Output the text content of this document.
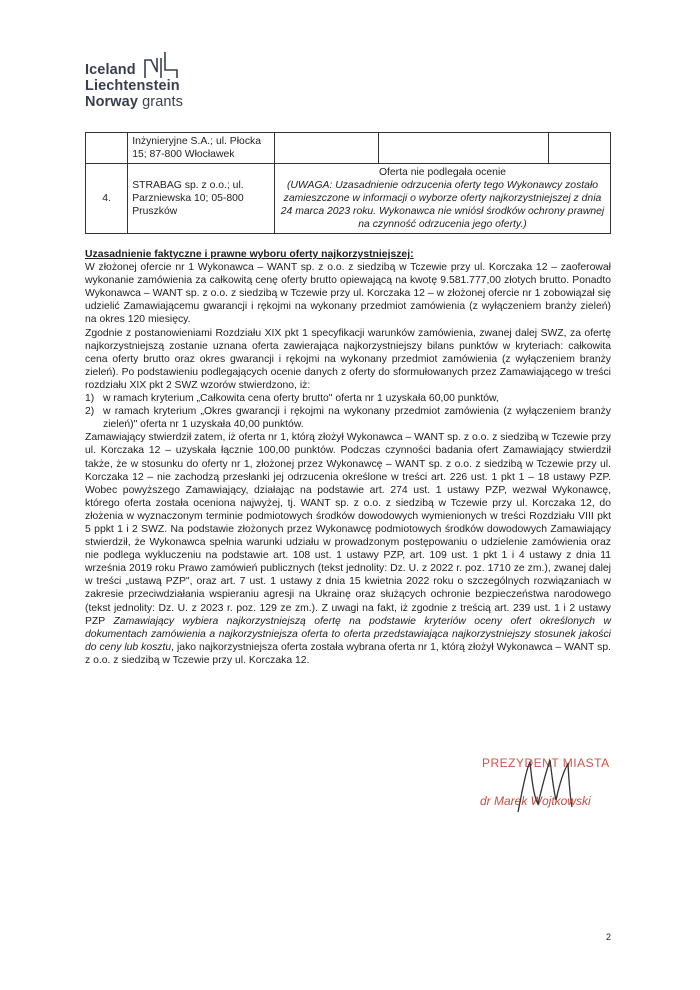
Iceland
Liechtenstein
Norway grants
	Inżynieryjne S.A.; ul. Płocka 15; 87-800 Włocławek			
4.	STRABAG sp. z o.o.; ul. Parzniewska 10; 05-800 Pruszków	Oferta nie podlegała ocenie
(UWAGA: Uzasadnienie odrzucenia oferty tego Wykonawcy zostało zamieszczone w informacji o wyborze oferty najkorzystniejszej z dnia 24 marca 2023 roku. Wykonawca nie wniósł środków ochrony prawnej na czynność odrzucenia jego oferty.)		

Uzasadnienie faktyczne i prawne wyboru oferty najkorzystniejszej:

W złożonej ofercie nr 1 Wykonawca – WANT sp. z o.o. z siedzibą w Tczewie przy ul. Korczaka 12 – zaoferował wykonanie zamówienia za całkowitą cenę oferty brutto opiewającą na kwotę 9.581.777,00 złotych brutto. Ponadto Wykonawca – WANT sp. z o.o. z siedzibą w Tczewie przy ul. Korczaka 12 – w złożonej ofercie nr 1 zobowiązał się udzielić Zamawiającemu gwarancji i rękojmi na wykonany przedmiot zamówienia (z wyłączeniem branży zieleń) na okres 120 miesięcy.

Zgodnie z postanowieniami Rozdziału XIX pkt 1 specyfikacji warunków zamówienia, zwanej dalej SWZ, za ofertę najkorzystniejszą zostanie uznana oferta zawierająca najkorzystniejszy bilans punktów w kryteriach: całkowita cena oferty brutto oraz okres gwarancji i rękojmi na wykonany przedmiot zamówienia (z wyłączeniem branży zieleń). Po podstawieniu podlegających ocenie danych z oferty do sformułowanych przez Zamawiającego w treści rozdziału XIX pkt 2 SWZ wzorów stwierdzono, iż:

1) w ramach kryterium „Całkowita cena oferty brutto" oferta nr 1 uzyskała 60,00 punktów,
2) w ramach kryterium „Okres gwarancji i rękojmi na wykonany przedmiot zamówienia (z wyłączeniem branży zieleń)" oferta nr 1 uzyskała 40,00 punktów.

Zamawiający stwierdził zatem, iż oferta nr 1, którą złożył Wykonawca – WANT sp. z o.o. z siedzibą w Tczewie przy ul. Korczaka 12 – uzyskała łącznie 100,00 punktów. Podczas czynności badania ofert Zamawiający stwierdził także, że w stosunku do oferty nr 1, złożonej przez Wykonawcę – WANT sp. z o.o. z siedzibą w Tczewie przy ul. Korczaka 12 – nie zachodzą przesłanki jej odrzucenia określone w treści art. 226 ust. 1 pkt 1 – 18 ustawy PZP. Wobec powyższego Zamawiający, działając na podstawie art. 274 ust. 1 ustawy PZP, wezwał Wykonawcę, którego oferta została oceniona najwyżej, tj. WANT sp. z o.o. z siedzibą w Tczewie przy ul. Korczaka 12, do złożenia w wyznaczonym terminie podmiotowych środków dowodowych wymienionych w treści Rozdziału VIII pkt 5 ppkt 1 i 2 SWZ. Na podstawie złożonych przez Wykonawcę podmiotowych środków dowodowych Zamawiający stwierdził, że Wykonawca spełnia warunki udziału w prowadzonym postępowaniu o udzielenie zamówienia oraz nie podlega wykluczeniu na podstawie art. 108 ust. 1 ustawy PZP, art. 109 ust. 1 pkt 1 i 4 ustawy z dnia 11 września 2019 roku Prawo zamówień publicznych (tekst jednolity: Dz. U. z 2022 r. poz. 1710 ze zm.), zwanej dalej w treści „ustawą PZP", oraz art. 7 ust. 1 ustawy z dnia 15 kwietnia 2022 roku o szczególnych rozwiązaniach w zakresie przeciwdziałania wspieraniu agresji na Ukrainę oraz służących ochronie bezpieczeństwa narodowego (tekst jednolity: Dz. U. z 2023 r. poz. 129 ze zm.). Z uwagi na fakt, iż zgodnie z treścią art. 239 ust. 1 i 2 ustawy PZP Zamawiający wybiera najkorzystniejszą ofertę na podstawie kryteriów oceny ofert określonych w dokumentach zamówienia a najkorzystniejsza oferta to oferta przedstawiająca najkorzystniejszy stosunek jakości do ceny lub kosztu, jako najkorzystniejsza oferta została wybrana oferta nr 1, którą złożył Wykonawca – WANT sp. z o.o. z siedzibą w Tczewie przy ul. Korczaka 12.

PREZYDENT MIASTA
dr Marek Wojtkowski
2
